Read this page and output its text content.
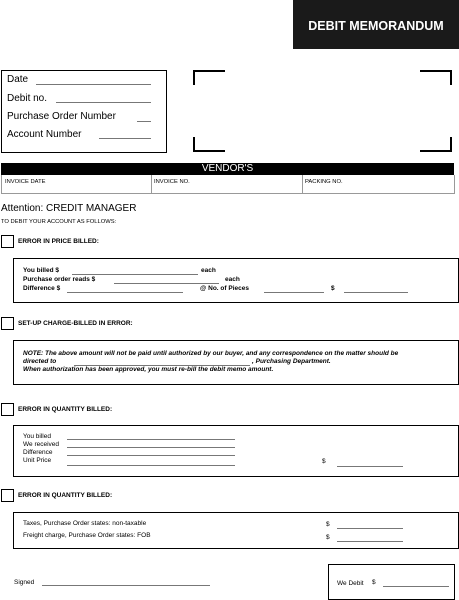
DEBIT MEMORANDUM
Date
Debit no.
Purchase Order Number
Account Number
VENDOR'S
INVOICE DATE	INVOICE NO.	PACKING NO.
Attention: CREDIT MANAGER
TO DEBIT YOUR ACCOUNT AS FOLLOWS:
ERROR IN PRICE BILLED:
You billed $	each
Purchase order reads $	each
Difference $	@ No. of Pieces	$
SET-UP CHARGE-BILLED IN ERROR:
NOTE: The above amount will not be paid until authorized by our buyer, and any correspondence on the matter should be
directed to	, Purchasing Department.
When authorization has been approved, you must re-bill the debit memo amount.
ERROR IN QUANTITY BILLED:
You billed
We received
Difference
Unit Price	$
ERROR IN QUANTITY BILLED:
Taxes, Purchase Order states: non-taxable	$
Freight charge, Purchase Order states: FOB	$
Signed	We Debit $
